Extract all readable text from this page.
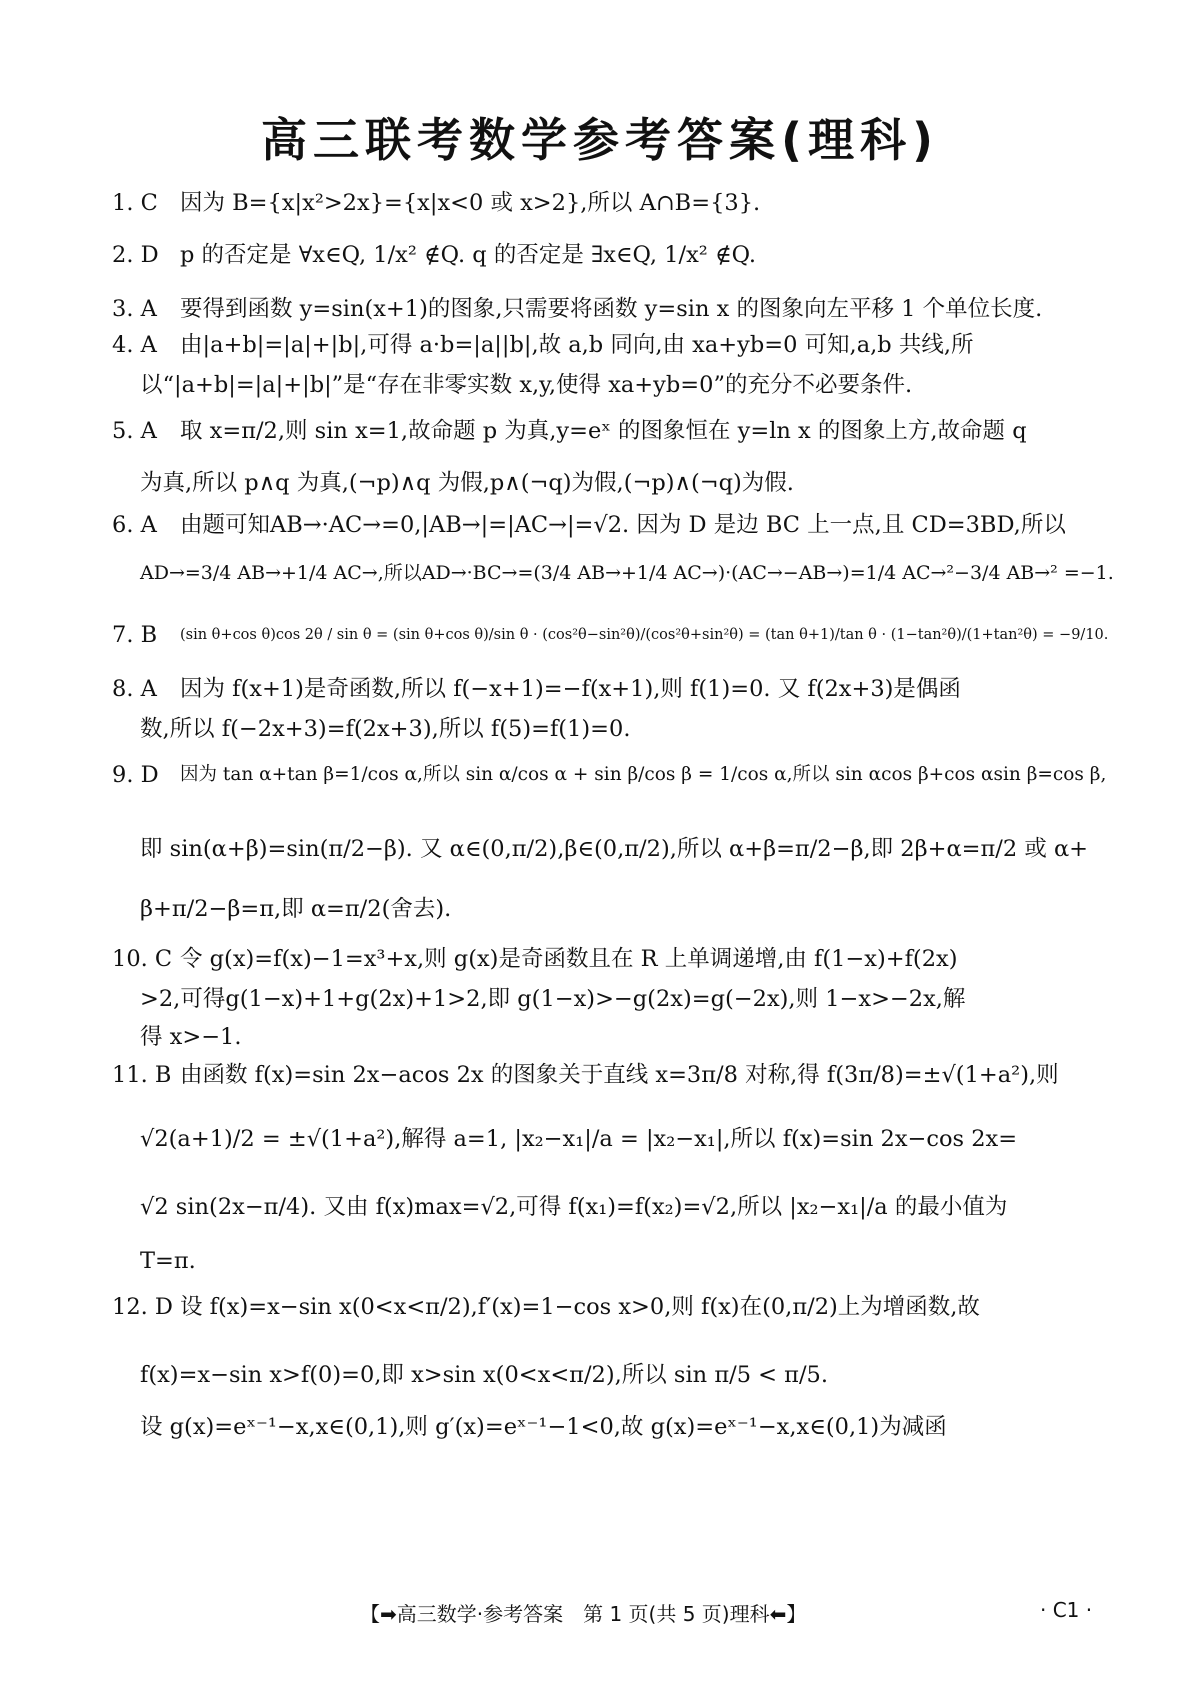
高三联考数学参考答案(理科)
1. C 因为 B={x|x²>2x}={x|x<0 或 x>2},所以 A∩B={3}.
2. D p 的否定是 ∀x∈Q, 1/x² ∉Q. q 的否定是 ∃x∈Q, 1/x² ∉Q.
3. A 要得到函数 y=sin(x+1)的图象,只需要将函数 y=sin x 的图象向左平移 1 个单位长度.
4. A 由|a+b|=|a|+|b|,可得 a·b=|a||b|,故 a,b 同向,由 xa+yb=0 可知,a,b 共线,所
以“|a+b|=|a|+|b|”是“存在非零实数 x,y,使得 xa+yb=0”的充分不必要条件.
5. A 取 x=π/2,则 sin x=1,故命题 p 为真,y=eˣ 的图象恒在 y=ln x 的图象上方,故命题 q
为真,所以 p∧q 为真,(¬p)∧q 为假,p∧(¬q)为假,(¬p)∧(¬q)为假.
6. A 由题可知AB→·AC→=0,|AB→|=|AC→|=√2. 因为 D 是边 BC 上一点,且 CD=3BD,所以
AD→=3/4 AB→+1/4 AC→,所以AD→·BC→=(3/4 AB→+1/4 AC→)·(AC→−AB→)=1/4 AC→²−3/4 AB→² =−1.
7. B (sin θ+cos θ)cos 2θ / sin θ = (sin θ+cos θ)/sin θ · (cos²θ−sin²θ)/(cos²θ+sin²θ) = (tan θ+1)/tan θ · (1−tan²θ)/(1+tan²θ) = −9/10.
8. A 因为 f(x+1)是奇函数,所以 f(−x+1)=−f(x+1),则 f(1)=0. 又 f(2x+3)是偶函
数,所以 f(−2x+3)=f(2x+3),所以 f(5)=f(1)=0.
9. D 因为 tan α+tan β=1/cos α,所以 sin α/cos α + sin β/cos β = 1/cos α,所以 sin αcos β+cos αsin β=cos β,
即 sin(α+β)=sin(π/2−β). 又 α∈(0,π/2),β∈(0,π/2),所以 α+β=π/2−β,即 2β+α=π/2 或 α+
β+π/2−β=π,即 α=π/2(舍去).
10. C 令 g(x)=f(x)−1=x³+x,则 g(x)是奇函数且在 R 上单调递增,由 f(1−x)+f(2x)
>2,可得g(1−x)+1+g(2x)+1>2,即 g(1−x)>−g(2x)=g(−2x),则 1−x>−2x,解
得 x>−1.
11. B 由函数 f(x)=sin 2x−acos 2x 的图象关于直线 x=3π/8 对称,得 f(3π/8)=±√(1+a²),则
√2(a+1)/2 = ±√(1+a²),解得 a=1, |x₂−x₁|/a = |x₂−x₁|,所以 f(x)=sin 2x−cos 2x=
√2 sin(2x−π/4). 又由 f(x)max=√2,可得 f(x₁)=f(x₂)=√2,所以 |x₂−x₁|/a 的最小值为
T=π.
12. D 设 f(x)=x−sin x(0<x<π/2),f′(x)=1−cos x>0,则 f(x)在(0,π/2)上为增函数,故
f(x)=x−sin x>f(0)=0,即 x>sin x(0<x<π/2),所以 sin π/5 < π/5.
设 g(x)=eˣ⁻¹−x,x∈(0,1),则 g′(x)=eˣ⁻¹−1<0,故 g(x)=eˣ⁻¹−x,x∈(0,1)为减函
【➡高三数学·参考答案　第 1 页(共 5 页)理科⬅】	· C1 ·
